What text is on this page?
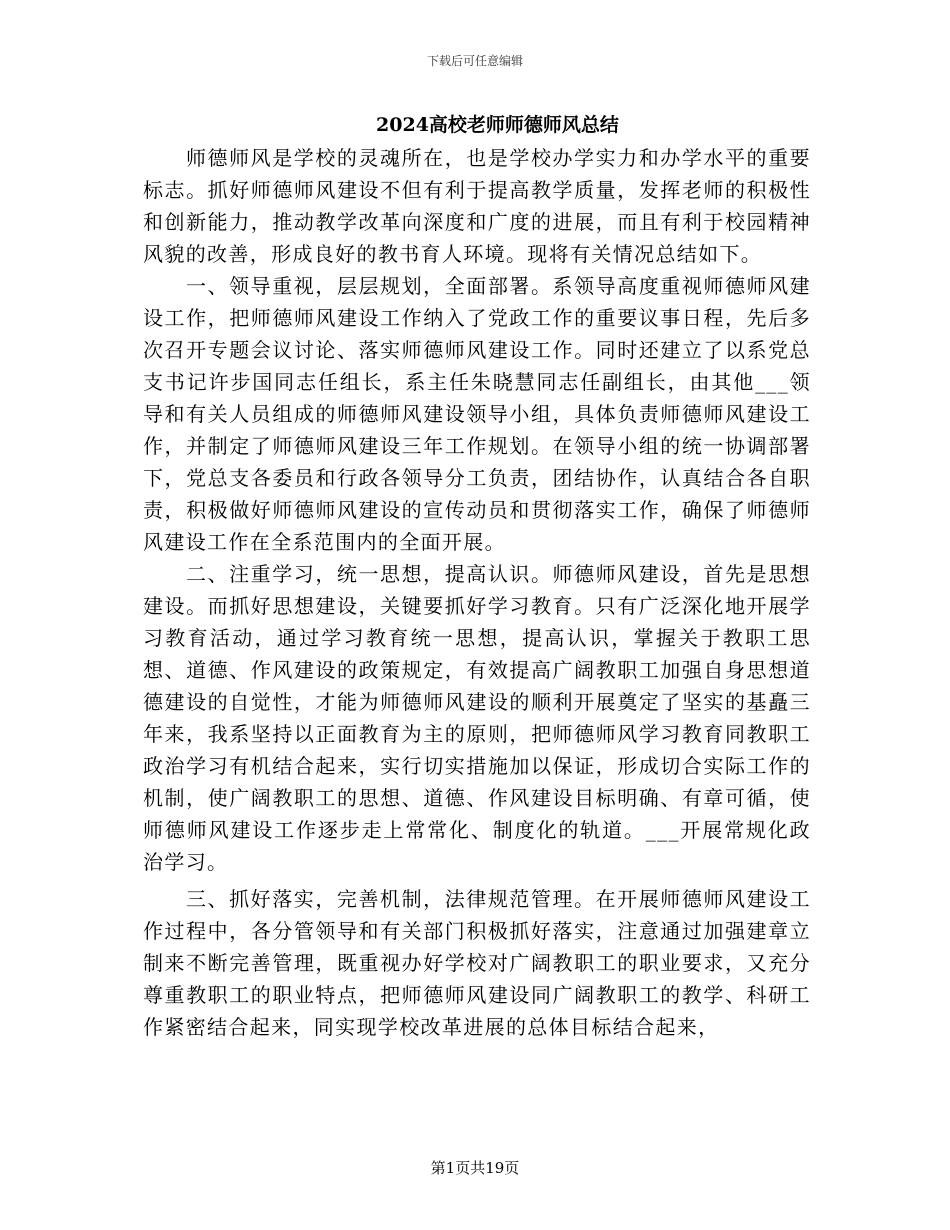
下载后可任意编辑
2024高校老师师德师风总结

师德师风是学校的灵魂所在，也是学校办学实力和办学水平的重要标志。抓好师德师风建设不但有利于提高教学质量，发挥老师的积极性和创新能力，推动教学改革向深度和广度的进展，而且有利于校园精神风貌的改善，形成良好的教书育人环境。现将有关情况总结如下。

一、领导重视，层层规划，全面部署。系领导高度重视师德师风建设工作，把师德师风建设工作纳入了党政工作的重要议事日程，先后多次召开专题会议讨论、落实师德师风建设工作。同时还建立了以系党总支书记许步国同志任组长，系主任朱晓慧同志任副组长，由其他___领导和有关人员组成的师德师风建设领导小组，具体负责师德师风建设工作，并制定了师德师风建设三年工作规划。在领导小组的统一协调部署下，党总支各委员和行政各领导分工负责，团结协作，认真结合各自职责，积极做好师德师风建设的宣传动员和贯彻落实工作，确保了师德师风建设工作在全系范围内的全面开展。

二、注重学习，统一思想，提高认识。师德师风建设，首先是思想建设。而抓好思想建设，关键要抓好学习教育。只有广泛深化地开展学习教育活动，通过学习教育统一思想，提高认识，掌握关于教职工思想、道德、作风建设的政策规定，有效提高广阔教职工加强自身思想道德建设的自觉性，才能为师德师风建设的顺利开展奠定了坚实的基矗三年来，我系坚持以正面教育为主的原则，把师德师风学习教育同教职工政治学习有机结合起来，实行切实措施加以保证，形成切合实际工作的机制，使广阔教职工的思想、道德、作风建设目标明确、有章可循，使师德师风建设工作逐步走上常常化、制度化的轨道。___开展常规化政治学习。

三、抓好落实，完善机制，法律规范管理。在开展师德师风建设工作过程中，各分管领导和有关部门积极抓好落实，注意通过加强建章立制来不断完善管理，既重视办好学校对广阔教职工的职业要求，又充分尊重教职工的职业特点，把师德师风建设同广阔教职工的教学、科研工作紧密结合起来，同实现学校改革进展的总体目标结合起来，

第1页共19页
